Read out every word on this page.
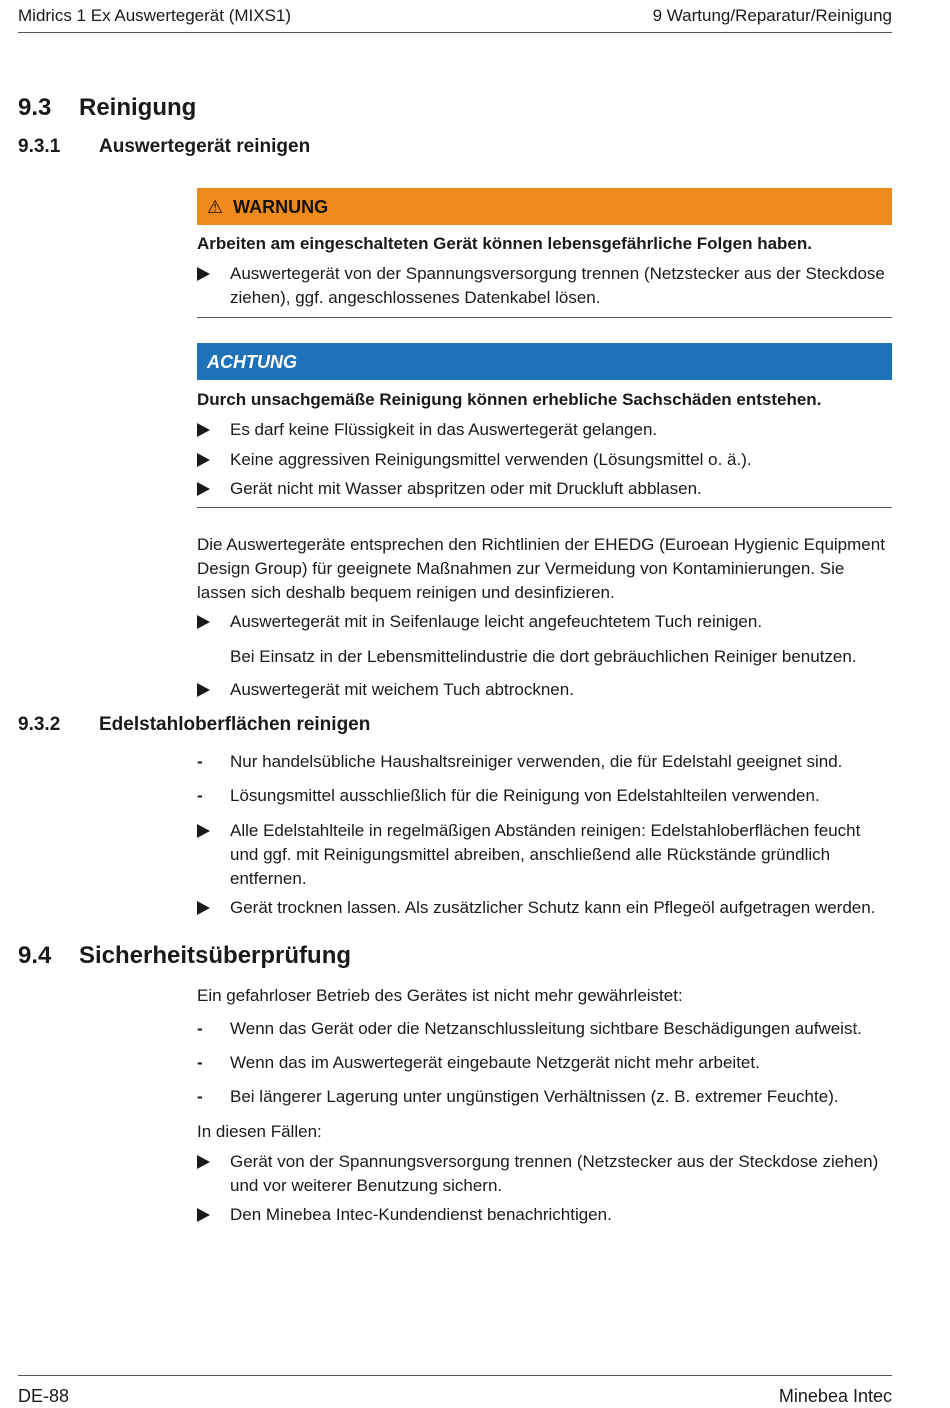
Midrics 1 Ex Auswertegerät (MIXS1)	9 Wartung/Reparatur/Reinigung
9.3 Reinigung
9.3.1 Auswertegerät reinigen
⚠ WARNUNG
Arbeiten am eingeschalteten Gerät können lebensgefährliche Folgen haben.
Auswertegerät von der Spannungsversorgung trennen (Netzstecker aus der Steckdose ziehen), ggf. angeschlossenes Datenkabel lösen.
ACHTUNG
Durch unsachgemäße Reinigung können erhebliche Sachschäden entstehen.
Es darf keine Flüssigkeit in das Auswertegerät gelangen.
Keine aggressiven Reinigungsmittel verwenden (Lösungsmittel o. ä.).
Gerät nicht mit Wasser abspritzen oder mit Druckluft abblasen.
Die Auswertegeräte entsprechen den Richtlinien der EHEDG (Euroean Hygienic Equipment Design Group) für geeignete Maßnahmen zur Vermeidung von Kontaminierungen. Sie lassen sich deshalb bequem reinigen und desinfizieren.
Auswertegerät mit in Seifenlauge leicht angefeuchtetem Tuch reinigen.
Bei Einsatz in der Lebensmittelindustrie die dort gebräuchlichen Reiniger benutzen.
Auswertegerät mit weichem Tuch abtrocknen.
9.3.2 Edelstahloberflächen reinigen
-	Nur handelsübliche Haushaltsreiniger verwenden, die für Edelstahl geeignet sind.
-	Lösungsmittel ausschließlich für die Reinigung von Edelstahlteilen verwenden.
Alle Edelstahlteile in regelmäßigen Abständen reinigen: Edelstahloberflächen feucht und ggf. mit Reinigungsmittel abreiben, anschließend alle Rückstände gründlich entfernen.
Gerät trocknen lassen. Als zusätzlicher Schutz kann ein Pflegeöl aufgetragen werden.
9.4 Sicherheitsüberprüfung
Ein gefahrloser Betrieb des Gerätes ist nicht mehr gewährleistet:
-	Wenn das Gerät oder die Netzanschlussleitung sichtbare Beschädigungen aufweist.
-	Wenn das im Auswertegerät eingebaute Netzgerät nicht mehr arbeitet.
-	Bei längerer Lagerung unter ungünstigen Verhältnissen (z. B. extremer Feuchte).
In diesen Fällen:
Gerät von der Spannungsversorgung trennen (Netzstecker aus der Steckdose ziehen) und vor weiterer Benutzung sichern.
Den Minebea Intec-Kundendienst benachrichtigen.
DE-88	Minebea Intec
